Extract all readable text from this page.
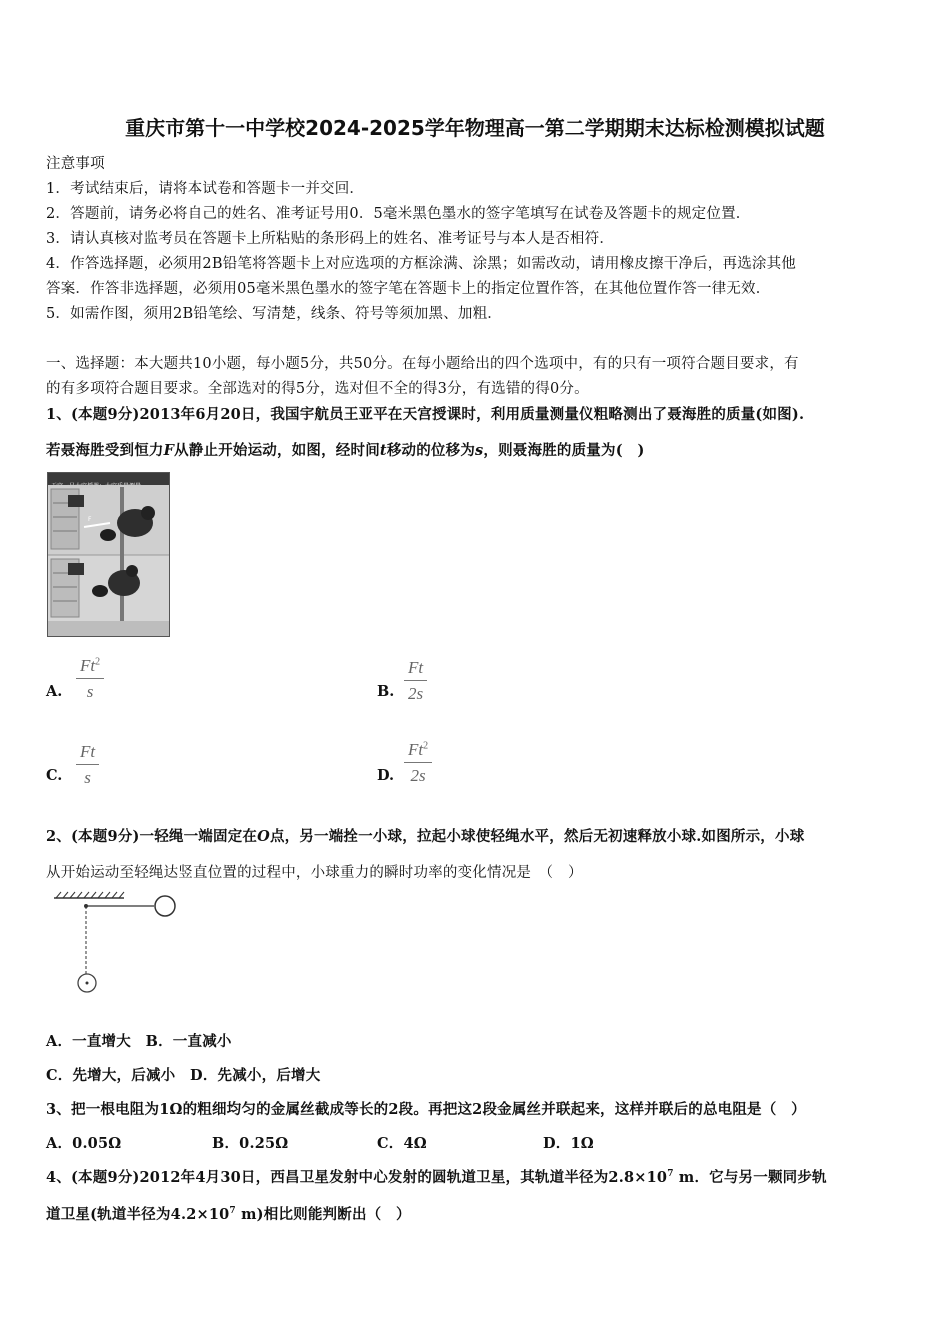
重庆市第十一中学校2024-2025学年物理高一第二学期期末达标检测模拟试题
注意事项
1．考试结束后，请将本试卷和答题卡一并交回．
2．答题前，请务必将自己的姓名、准考证号用0．5毫米黑色墨水的签字笔填写在试卷及答题卡的规定位置．
3．请认真核对监考员在答题卡上所粘贴的条形码上的姓名、准考证号与本人是否相符．
4．作答选择题，必须用2B铅笔将答题卡上对应选项的方框涂满、涂黑；如需改动，请用橡皮擦干净后，再选涂其他
答案．作答非选择题，必须用05毫米黑色墨水的签字笔在答题卡上的指定位置作答，在其他位置作答一律无效．
5．如需作图，须用2B铅笔绘、写清楚，线条、符号等须加黑、加粗．
一、选择题：本大题共10小题，每小题5分，共50分。在每小题给出的四个选项中，有的只有一项符合题目要求，有
的有多项符合题目要求。全部选对的得5分，选对但不全的得3分，有选错的得0分。
1、(本题9分)2013年6月20日，我国宇航员王亚平在天宫授课时，利用质量测量仪粗略测出了聂海胜的质量(如图).
若聂海胜受到恒力F从静止开始运动，如图，经时间t移动的位移为s，则聂海胜的质量为(　)
F
A. $\frac{Ft^2}{s}$	B. $\frac{Ft}{2s}$
C. $\frac{Ft}{s}$	D. $\frac{Ft^2}{2s}$
2、(本题9分)一轻绳一端固定在O点，另一端拴一小球，拉起小球使轻绳水平，然后无初速释放小球.如图所示，小球
从开始运动至轻绳达竖直位置的过程中，小球重力的瞬时功率的变化情况是　（　）
A．一直增大　B．一直减小
C．先增大，后减小　D．先减小，后增大
3、把一根电阻为1Ω的粗细均匀的金属丝截成等长的2段。再把这2段金属丝并联起来，这样并联后的总电阻是（　）
A．0.05Ω	B．0.25Ω	C．4Ω	D．1Ω
4、(本题9分)2012年4月30日，西昌卫星发射中心发射的圆轨道卫星，其轨道半径为$2.8\times 10^7$ m．它与另一颗同步轨
道卫星(轨道半径为$4.2\times 10^7$ m)相比则能判断出（　）
